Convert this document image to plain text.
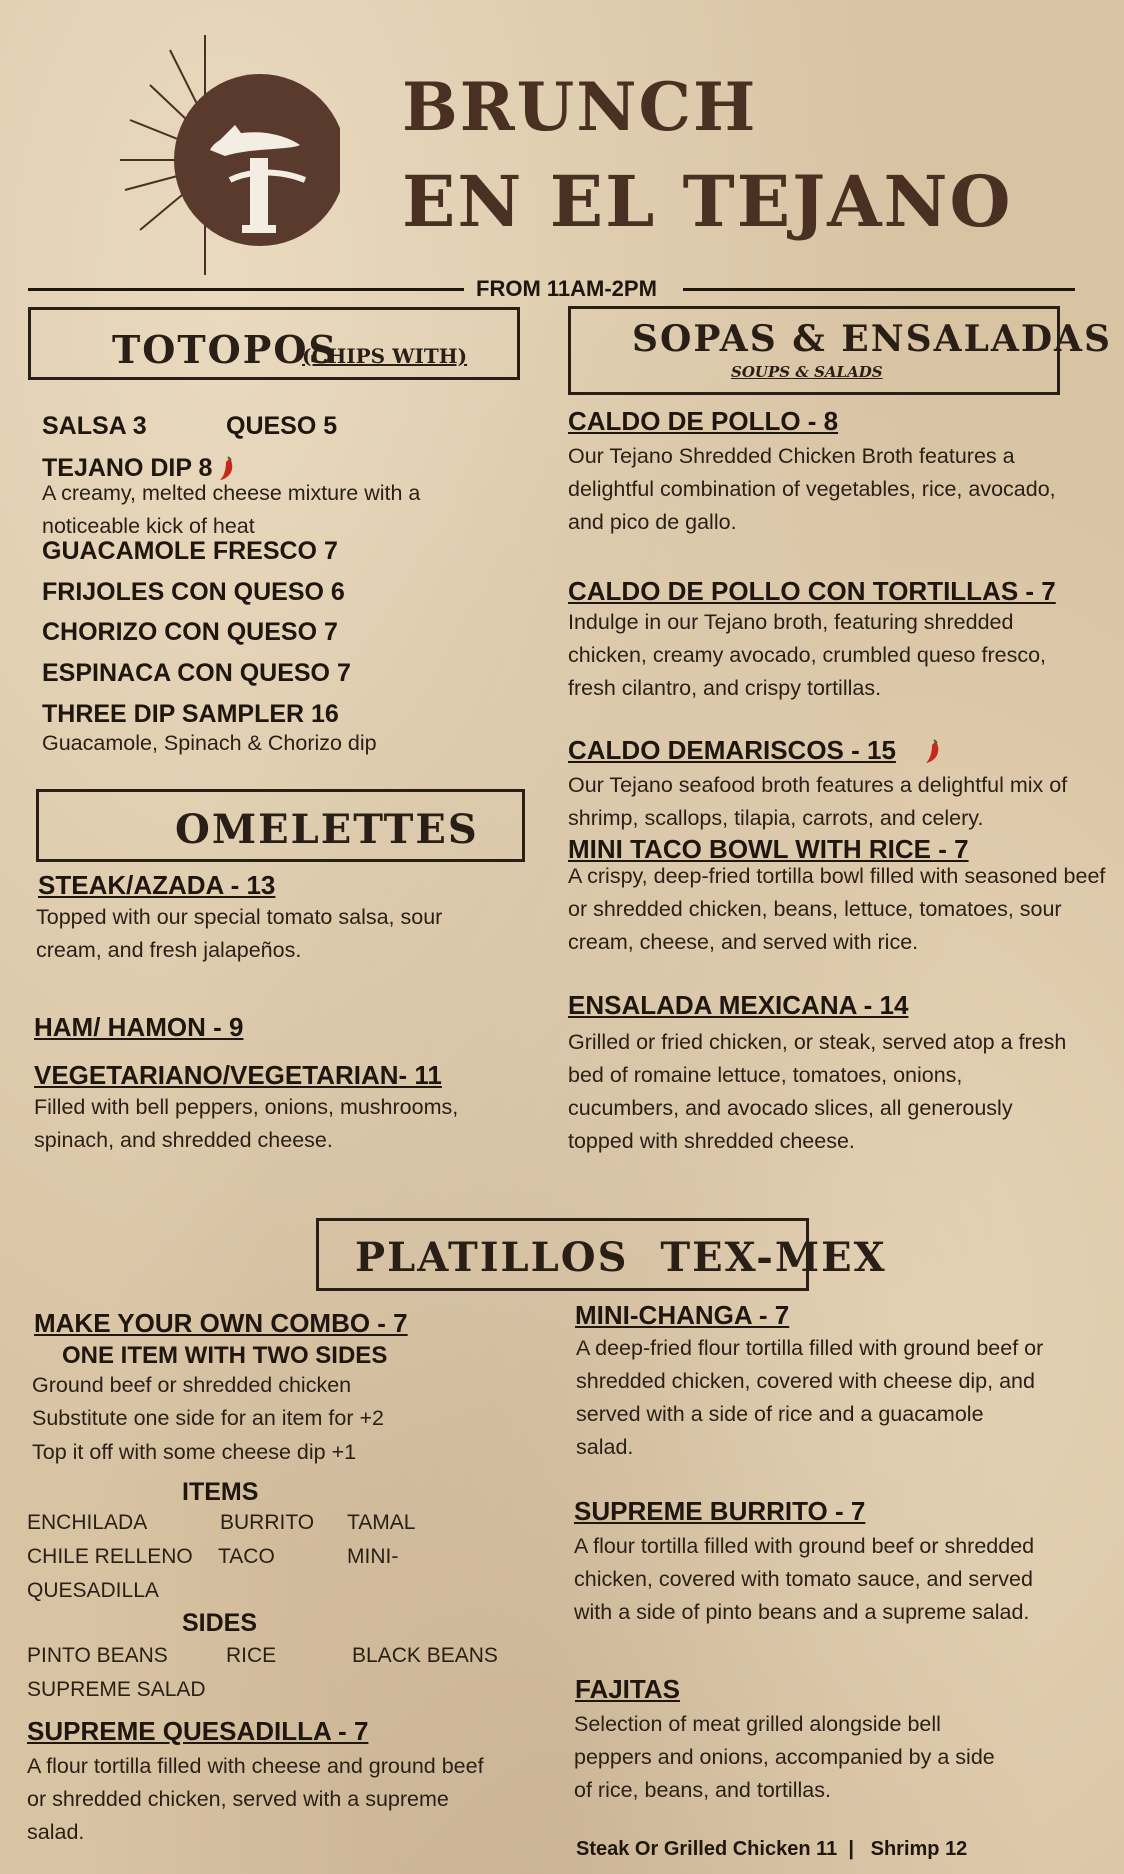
BRUNCH
EN EL TEJANO
FROM 11AM-2PM
TOTOPOS
(CHIPS WITH)
SALSA 3	QUESO 5
TEJANO DIP 8
A creamy, melted cheese mixture with a noticeable kick of heat
GUACAMOLE FRESCO 7
FRIJOLES CON QUESO 6
CHORIZO CON QUESO 7
ESPINACA CON QUESO 7
THREE DIP SAMPLER 16
Guacamole, Spinach & Chorizo dip
OMELETTES
STEAK/AZADA - 13
Topped with our special tomato salsa, sour cream, and fresh jalapeños.
HAM/ HAMON - 9
VEGETARIANO/VEGETARIAN- 11
Filled with bell peppers, onions, mushrooms, spinach, and shredded cheese.
SOPAS & ENSALADAS
SOUPS & SALADS
CALDO DE POLLO - 8
Our Tejano Shredded Chicken Broth features a delightful combination of vegetables, rice, avocado, and pico de gallo.
CALDO DE POLLO CON TORTILLAS - 7
Indulge in our Tejano broth, featuring shredded chicken, creamy avocado, crumbled queso fresco, fresh cilantro, and crispy tortillas.
CALDO DEMARISCOS - 15
Our Tejano seafood broth features a delightful mix of shrimp, scallops, tilapia, carrots, and celery.
MINI TACO BOWL WITH RICE - 7
A crispy, deep-fried tortilla bowl filled with seasoned beef or shredded chicken, beans, lettuce, tomatoes, sour cream, cheese, and served with rice.
ENSALADA MEXICANA - 14
Grilled or fried chicken, or steak, served atop a fresh bed of romaine lettuce, tomatoes, onions, cucumbers, and avocado slices, all generously topped with shredded cheese.
PLATILLOS  TEX-MEX
MAKE YOUR OWN COMBO - 7
ONE ITEM WITH TWO SIDES
Ground beef or shredded chicken
Substitute one side for an item for +2
Top it off with some cheese dip +1
ITEMS
ENCHILADA	BURRITO TAMAL
CHILE RELLENO TACO	MINI-
QUESADILLA
SIDES
PINTO BEANS	RICE	BLACK BEANS
SUPREME SALAD
SUPREME QUESADILLA - 7
A flour tortilla filled with cheese and ground beef or shredded chicken, served with a supreme salad.
MINI-CHANGA - 7
A deep-fried flour tortilla filled with ground beef or shredded chicken, covered with cheese dip, and served with a side of rice and a guacamole salad.
SUPREME BURRITO - 7
A flour tortilla filled with ground beef or shredded chicken, covered with tomato sauce, and served with a side of pinto beans and a supreme salad.
FAJITAS
Selection of meat grilled alongside bell peppers and onions, accompanied by a side of rice, beans, and tortillas.
Steak Or Grilled Chicken 11  |   Shrimp 12
